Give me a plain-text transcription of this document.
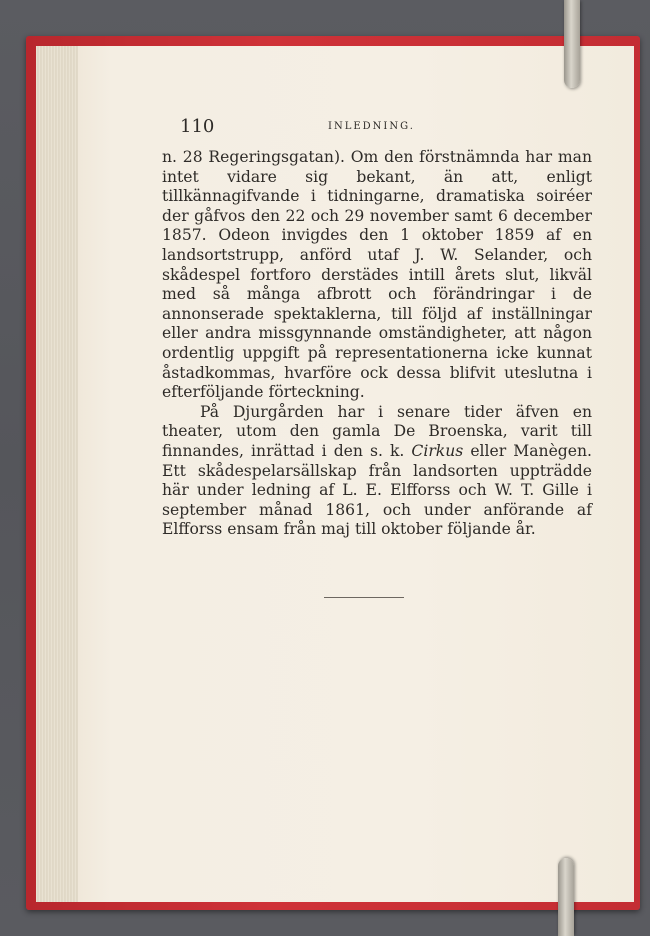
110	INLEDNING.

n. 28 Regeringsgatan). Om den förstnämnda har man intet vidare sig bekant, än att, enligt tillkännagifvande i tidningarne, dramatiska soiréer der gåfvos den 22 och 29 november samt 6 december 1857. Odeon invigdes den 1 oktober 1859 af en landsortstrupp, anförd utaf J. W. Selander, och skådespel fortforo derstädes intill årets slut, likväl med så många afbrott och förändringar i de annonserade spektaklerna, till följd af inställningar eller andra missgynnande omständigheter, att någon ordentlig uppgift på representationerna icke kunnat åstadkommas, hvarföre ock dessa blifvit uteslutna i efterföljande förteckning.

På Djurgården har i senare tider äfven en theater, utom den gamla De Broenska, varit till finnandes, inrättad i den s. k. Cirkus eller Manègen. Ett skådespelarsällskap från landsorten uppträdde här under ledning af L. E. Elfforss och W. T. Gille i september månad 1861, och under anförande af Elfforss ensam från maj till oktober följande år.
